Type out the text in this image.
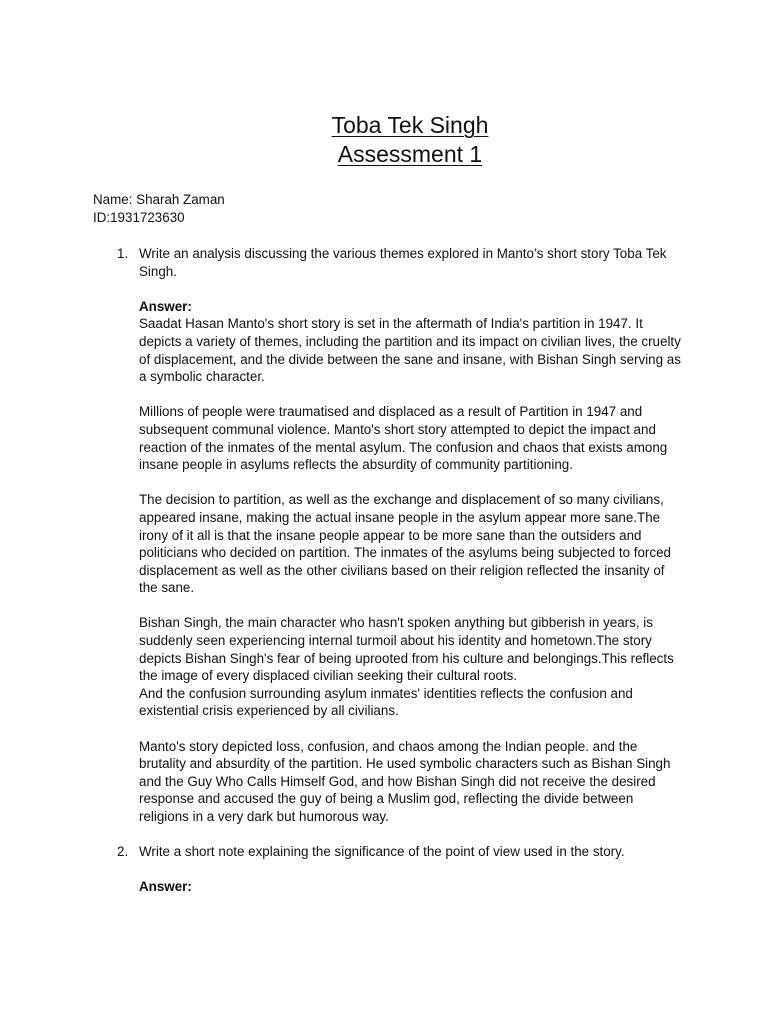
Toba Tek Singh
Assessment 1
Name: Sharah Zaman
ID:1931723630
1. Write an analysis discussing the various themes explored in Manto’s short story Toba Tek Singh.

Answer:

Saadat Hasan Manto's short story is set in the aftermath of India's partition in 1947. It depicts a variety of themes, including the partition and its impact on civilian lives, the cruelty of displacement, and the divide between the sane and insane, with Bishan Singh serving as a symbolic character.

Millions of people were traumatised and displaced as a result of Partition in 1947 and subsequent communal violence. Manto's short story attempted to depict the impact and reaction of the inmates of the mental asylum. The confusion and chaos that exists among insane people in asylums reflects the absurdity of community partitioning.

The decision to partition, as well as the exchange and displacement of so many civilians, appeared insane, making the actual insane people in the asylum appear more sane.The irony of it all is that the insane people appear to be more sane than the outsiders and politicians who decided on partition. The inmates of the asylums being subjected to forced displacement as well as the other civilians based on their religion reflected the insanity of the sane.

Bishan Singh, the main character who hasn't spoken anything but gibberish in years, is suddenly seen experiencing internal turmoil about his identity and hometown.The story depicts Bishan Singh's fear of being uprooted from his culture and belongings.This reflects the image of every displaced civilian seeking their cultural roots.

And the confusion surrounding asylum inmates' identities reflects the confusion and existential crisis experienced by all civilians.

Manto's story depicted loss, confusion, and chaos among the Indian people. and the brutality and absurdity of the partition. He used symbolic characters such as Bishan Singh and the Guy Who Calls Himself God, and how Bishan Singh did not receive the desired response and accused the guy of being a Muslim god, reflecting the divide between religions in a very dark but humorous way.

2. Write a short note explaining the significance of the point of view used in the story.

Answer:
